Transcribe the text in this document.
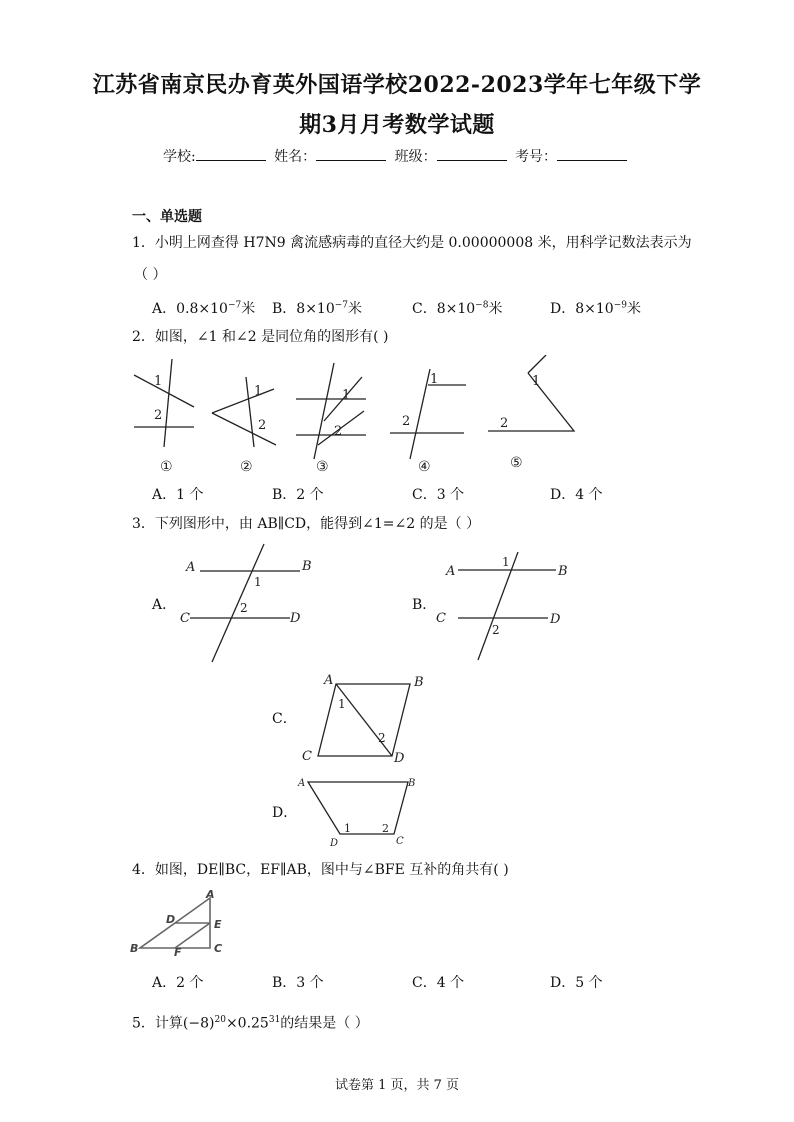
江苏省南京民办育英外国语学校2022-2023学年七年级下学
期3月月考数学试题
学校:	姓名：	班级：	考号：
一、单选题
1．小明上网查得 H7N9 禽流感病毒的直径大约是 0.00000008 米，用科学记数法表示为
（ ）
A．$0.8\times 10^{-7}$米 B．$8\times 10^{-7}$米	C．$8\times 10^{-8}$米	D．$8\times 10^{-9}$米
2．如图，∠1 和∠2 是同位角的图形有( )
1
2
1
2
1
2
1
2
1
2
①	②	③	④	⑤
A．1 个	B．2 个	C．3 个	D．4 个
3．下列图形中，由 AB∥CD，能得到∠1=∠2 的是（ ）
A．
A	B
C	D
1
2	B．
A	B
C	D
1
2
C．
A	B
C	D
1
2
D．
A	B
D	C
1	2
4．如图，DE∥BC，EF∥AB，图中与∠BFE 互补的角共有( )
A
D	E
B	C
F
A．2 个	B．3 个	C．4 个	D．5 个
5．计算$(-8)^{20}\times 0.25^{31}$的结果是（ ）
试卷第 1 页，共 7 页
